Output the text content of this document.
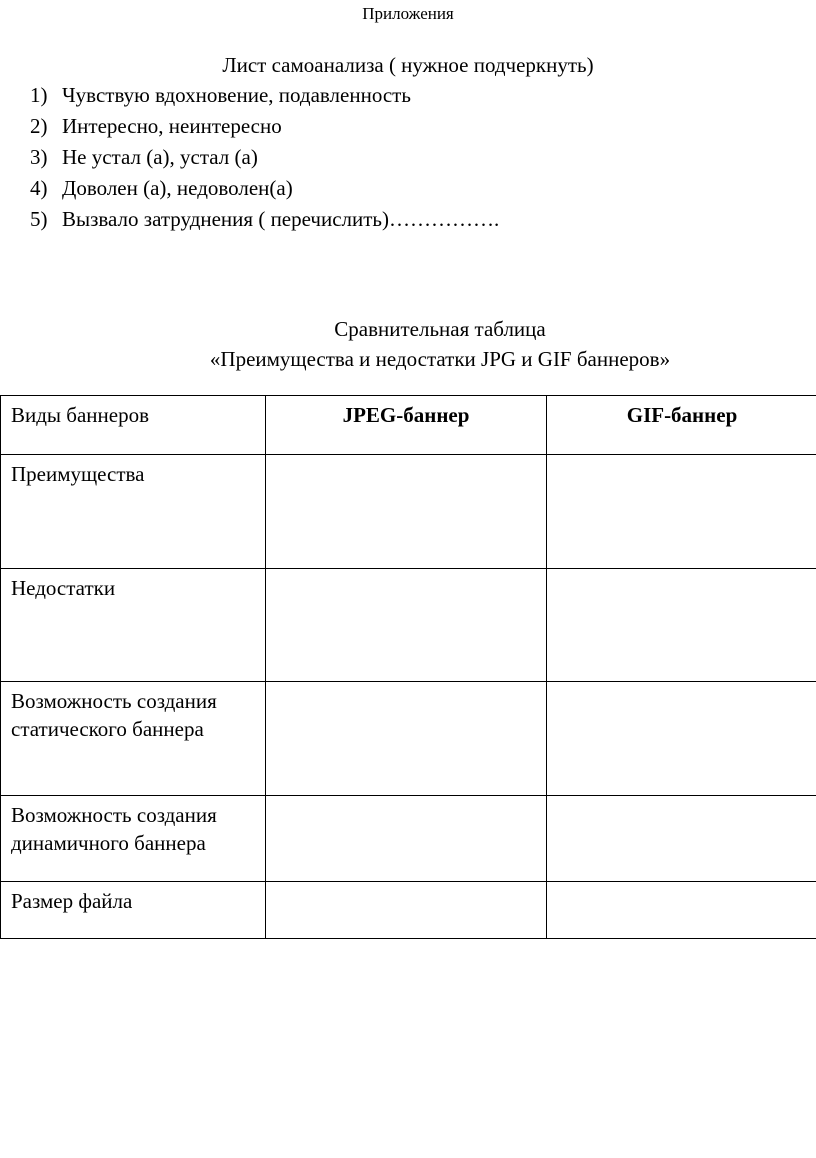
Приложения
Лист самоанализа ( нужное подчеркнуть)
1) Чувствую вдохновение, подавленность
2) Интересно, неинтересно
3) Не устал (а), устал (а)
4) Доволен (а), недоволен(а)
5) Вызвало затруднения ( перечислить)…………….
Сравнительная таблица
«Преимущества и недостатки JPG и GIF баннеров»
Виды баннеров	JPEG-баннер	GIF-баннер
Преимущества		
Недостатки		
Возможность создания статического баннера		
Возможность создания динамичного баннера		
Размер файла		
